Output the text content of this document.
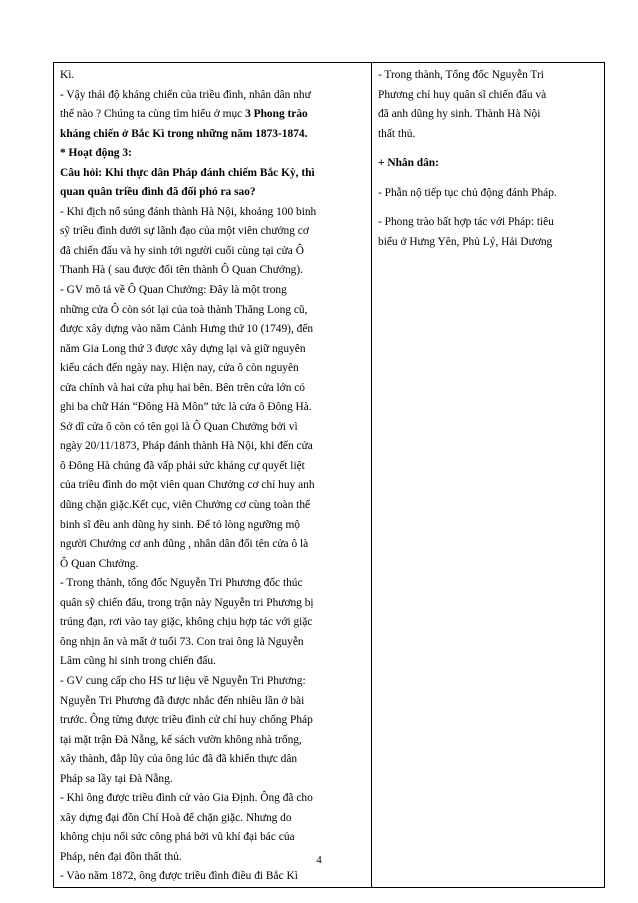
Kì.
- Vậy thái độ kháng chiến của triều đình, nhân dân như
thế nào ? Chúng ta cùng tìm hiểu ở mục 3 Phong trào
kháng chiến ở Bắc Kì trong những năm 1873-1874.
* Hoạt động 3:
Câu hỏi: Khi thực dân Pháp đánh chiếm Bắc Kỳ, thì
quan quân triều đình đã đối phó ra sao?
- Khi địch nổ súng đánh thành Hà Nội, khoảng 100 binh
sỹ triều đình dưới sự lãnh đạo của một viên chưởng cơ
đã chiến đấu và hy sinh tới người cuối cùng tại cửa Ô
Thanh Hà ( sau được đổi tên thành Ô Quan Chưởng).
- GV mô tả về Ô Quan Chưởng: Đây là một trong
những cửa Ô còn sót lại của toà thành Thăng Long cũ,
được xây dựng vào năm Cảnh Hưng thứ 10 (1749), đến
năm Gia Long thứ 3 được xây dựng lại và giữ nguyên
kiểu cách đến ngày nay. Hiện nay, cửa ô còn nguyên
cửa chính và hai cửa phụ hai bên. Bên trên cửa lớn có
ghi ba chữ Hán “Đông Hà Môn” tức là cửa ô Đông Hà.
Sở dĩ cửa ô còn có tên gọi là Ô Quan Chưởng bởi vì
ngày 20/11/1873, Pháp đánh thành Hà Nội, khi đến cửa
ô Đông Hà chúng đã vấp phải sức kháng cự quyết liệt
của triều đình do một viên quan Chưởng cơ chỉ huy anh
dũng chặn giặc.Kết cục, viên Chưởng cơ cùng toàn thể
binh sĩ đều anh dũng hy sinh. Để tỏ lòng ngưỡng mộ
người Chưởng cơ anh dũng , nhân dân đổi tên cửa ô là
Ô Quan Chưởng.
- Trong thành, tổng đốc Nguyễn Tri Phương đốc thúc
quân sỹ chiến đấu, trong trận này Nguyễn tri Phương bị
trúng đạn, rơi vào tay giặc, không chịu hợp tác với giặc
ông nhịn ăn và mất ở tuổi 73. Con trai ông là Nguyễn
Lâm cũng hi sinh trong chiến đấu.
- GV cung cấp cho HS tư liệu về Nguyễn Tri Phương:
Nguyễn Tri Phương đã được nhắc đến nhiều lần ở bài
trước. Ông từng được triều đình cử chỉ huy chống Pháp
tại mặt trận Đà Nẵng, kế sách vườn không nhà trống,
xây thành, đắp lũy của ông lúc đã đã khiến thực dân
Pháp sa lầy tại Đà Nẵng.
- Khi ông được triều đình cử vào Gia Định. Ông đã cho
xây dựng đại đồn Chí Hoà để chặn giặc. Nhưng do
không chịu nổi sức công phá bởi vũ khí đại bác của
Pháp, nên đại đồn thất thủ.
- Vào năm 1872, ông được triều đình điều đi Bắc Kì

- Trong thành, Tổng đốc Nguyễn Tri
Phương chỉ huy quân sĩ chiến đấu và
đã anh dũng hy sinh. Thành Hà Nội
thất thủ.

+ Nhân dân:

- Phẫn nộ tiếp tục chủ động đánh Pháp.

- Phong trào bất hợp tác với Pháp: tiêu
biểu ở Hưng Yên, Phủ Lý, Hải Dương

4
